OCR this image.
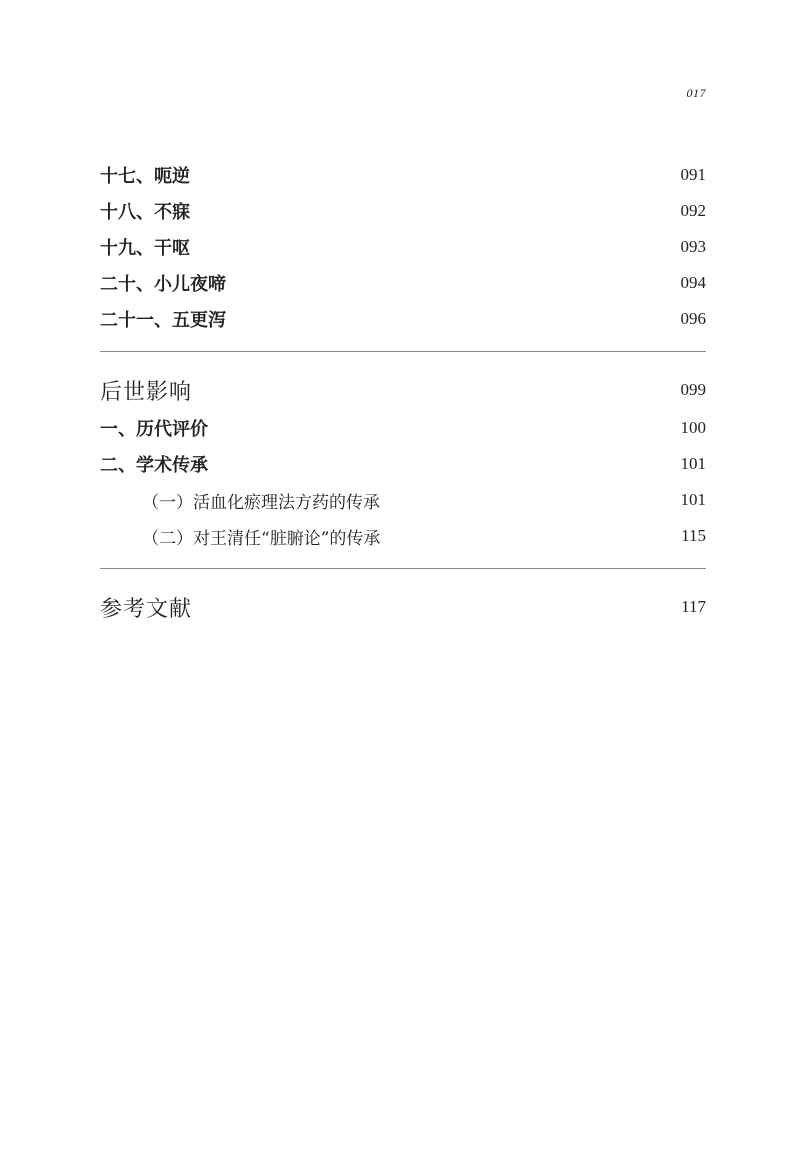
017
十七、呃逆	091
十八、不寐	092
十九、干呕	093
二十、小儿夜啼	094
二十一、五更泻	096
后世影响	099
一、历代评价	100
二、学术传承	101
（一）活血化瘀理法方药的传承	101
（二）对王清任“脏腑论”的传承	115
参考文献	117
